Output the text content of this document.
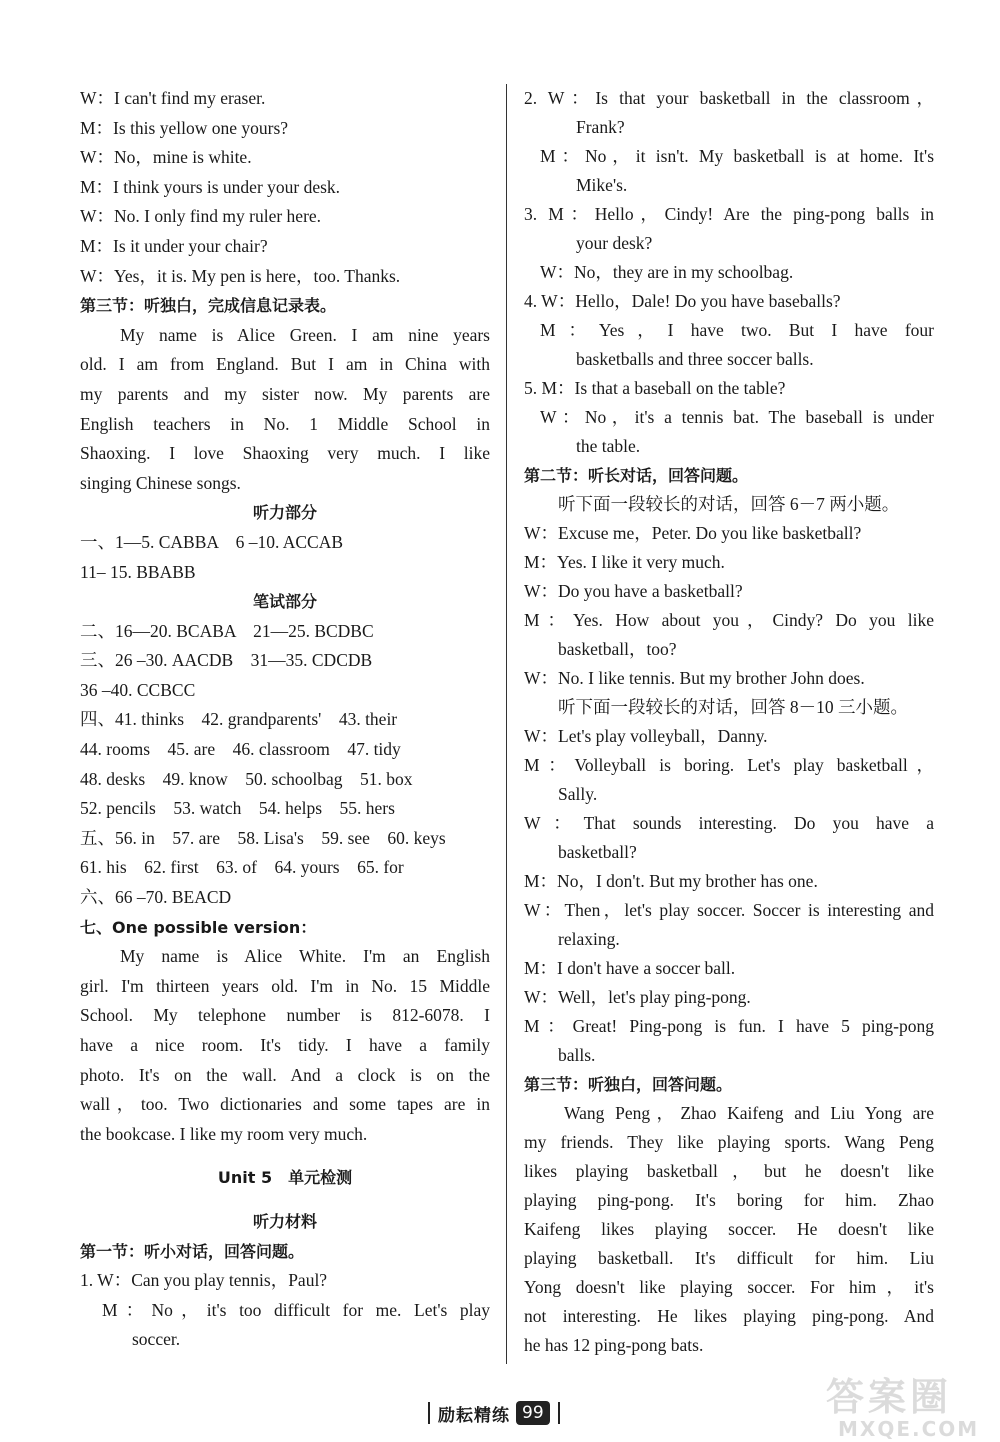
W：I can't find my eraser.
M：Is this yellow one yours?
W：No，mine is white.
M：I think yours is under your desk.
W：No. I only find my ruler here.
M：Is it under your chair?
W：Yes，it is. My pen is here，too. Thanks.
第三节：听独白，完成信息记录表。
My name is Alice Green. I am nine years
old. I am from England. But I am in China with
my parents and my sister now. My parents are
English teachers in No. 1 Middle School in
Shaoxing. I love Shaoxing very much. I like
singing Chinese songs.
听力部分
一、1—5. CABBA　6 –10. ACCAB
11– 15. BBABB
笔试部分
二、16—20. BCABA　21—25. BCDBC
三、26 –30. AACDB　31—35. CDCDB
36 –40. CCBCC
四、41. thinks　42. grandparents'　43. their
44. rooms　45. are　46. classroom　47. tidy
48. desks　49. know　50. schoolbag　51. box
52. pencils　53. watch　54. helps　55. hers
五、56. in　57. are　58. Lisa's　59. see　60. keys
61. his　62. first　63. of　64. yours　65. for
六、66 –70. BEACD
七、One possible version：
My name is Alice White. I'm an English
girl. I'm thirteen years old. I'm in No. 15 Middle
School. My telephone number is 812-6078. I
have a nice room. It's tidy. I have a family
photo. It's on the wall. And a clock is on the
wall，too. Two dictionaries and some tapes are in
the bookcase. I like my room very much.
Unit 5　单元检测
听力材料
第一节：听小对话，回答问题。
1. W：Can you play tennis，Paul?
M：No，it's too difficult for me. Let's play
soccer.
2. W：Is that your basketball in the classroom，
Frank?
M：No，it isn't. My basketball is at home. It's
Mike's.
3. M：Hello，Cindy! Are the ping-pong balls in
your desk?
W：No，they are in my schoolbag.
4. W：Hello，Dale! Do you have baseballs?
M：Yes，I have two. But I have four
basketballs and three soccer balls.
5. M：Is that a baseball on the table?
W：No，it's a tennis bat. The baseball is under
the table.
第二节：听长对话，回答问题。
听下面一段较长的对话，回答 6－7 两小题。
W：Excuse me，Peter. Do you like basketball?
M：Yes. I like it very much.
W：Do you have a basketball?
M：Yes. How about you，Cindy? Do you like
basketball，too?
W：No. I like tennis. But my brother John does.
听下面一段较长的对话，回答 8－10 三小题。
W：Let's play volleyball，Danny.
M：Volleyball is boring. Let's play basketball，
Sally.
W：That sounds interesting. Do you have a
basketball?
M：No，I don't. But my brother has one.
W：Then，let's play soccer. Soccer is interesting and
relaxing.
M：I don't have a soccer ball.
W：Well，let's play ping-pong.
M：Great! Ping-pong is fun. I have 5 ping-pong
balls.
第三节：听独白，回答问题。
Wang Peng，Zhao Kaifeng and Liu Yong are
my friends. They like playing sports. Wang Peng
likes playing basketball，but he doesn't like
playing ping-pong. It's boring for him. Zhao
Kaifeng likes playing soccer. He doesn't like
playing basketball. It's difficult for him. Liu
Yong doesn't like playing soccer. For him，it's
not interesting. He likes playing ping-pong. And
he has 12 ping-pong bats.
励耘精练 99	答案圈
MXQE.COM
